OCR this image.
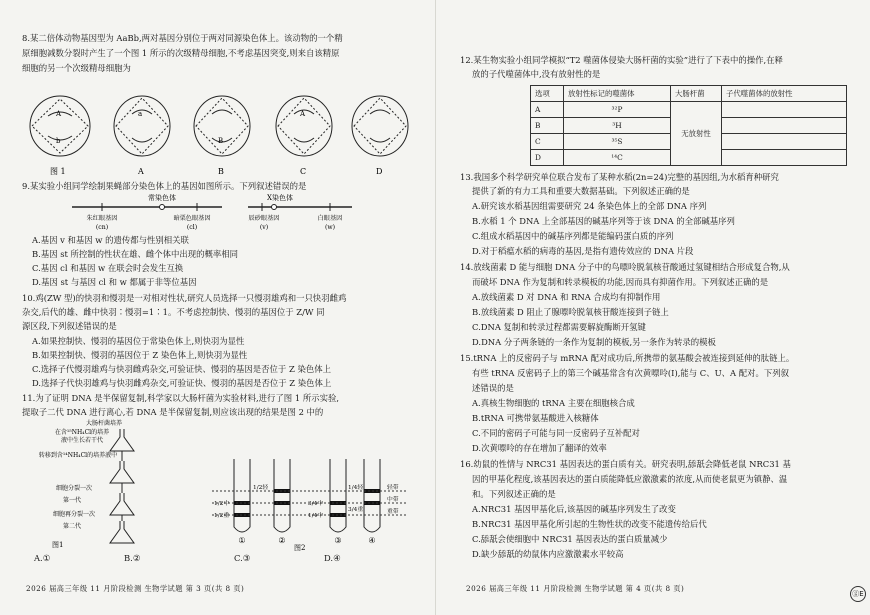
8.某二倍体动物基因型为 AaBb,两对基因分别位于两对同源染色体上。该动物的一个精
原细胞减数分裂时产生了一个图 1 所示的次级精母细胞,不考虑基因突变,则来自该精原
细胞的另一个次级精母细胞为
A
b
a
B
A
图 1	A	B	C	D
9.某实验小组同学绘制果蝇部分染色体上的基因如图所示。下列叙述错误的是
常染色体	X染色体
朱红眼基因
(cn)
暗栗色眼基因
(cl)
辰砂眼基因
(v)
白眼基因
(w)
A.基因 v 和基因 w 的遗传都与性别相关联
B.基因 st 所控制的性状在雄、雌个体中出现的概率相同
C.基因 cl 和基因 w 在联会时会发生互换
D.基因 st 与基因 cl 和 w 都属于非等位基因
10.鸡(ZW 型)的快羽和慢羽是一对相对性状,研究人员选择一只慢羽雄鸡和一只快羽雌鸡
杂交,后代的雄、雌中快羽∶慢羽=1∶1。不考虑控制快、慢羽的基因位于 Z/W 同
源区段,下列叙述错误的是
A.如果控制快、慢羽的基因位于常染色体上,则快羽为显性
B.如果控制快、慢羽的基因位于 Z 染色体上,则快羽为显性
C.选择子代慢羽雄鸡与快羽雌鸡杂交,可验证快、慢羽的基因是否位于 Z 染色体上
D.选择子代快羽雄鸡与快羽雌鸡杂交,可验证快、慢羽的基因是否位于 Z 染色体上
11.为了证明 DNA 是半保留复制,科学家以大肠杆菌为实验材料,进行了图 1 所示实验,
提取子二代 DNA 进行离心,若 DNA 是半保留复制,则应该出现的结果是图 2 中的
大肠杆菌培养
在含¹⁵NH₄Cl的培养
液中生长若干代
转移到含¹⁴NH₄Cl的培养液中
细胞分裂一次
第一代
细胞再分裂一次
第二代
图1
1/2中
1/2重
1/2轻
3/4中
1/4中
1/4轻
3/4重
轻带
中带
重带
①	②	③	④
图2
A.①	B.②	C.③	D.④
2026 届高三年级 11 月阶段检测 生物学试题 第 3 页(共 8 页)
12.某生物实验小组同学模拟“T2 噬菌体侵染大肠杆菌的实验”进行了下表中的操作,在释
放的子代噬菌体中,没有放射性的是
选项	放射性标记的噬菌体	大肠杆菌	子代噬菌体的放射性
A	³²P	无放射性	
B	³H		
C	³⁵S		
D	¹⁴C		
13.我国多个科学研究单位联合发布了某种水稻(2n=24)完整的基因组,为水稻育种研究
提供了新的有力工具和重要大数据基础。下列叙述正确的是
A.研究该水稻基因组需要研究 24 条染色体上的全部 DNA 序列
B.水稻 1 个 DNA 上全部基因的碱基序列等于该 DNA 的全部碱基序列
C.组成水稻基因中的碱基序列都是能编码蛋白质的序列
D.对于稻瘟水稻的病毒的基因,是指有遗传效应的 DNA 片段
14.放线菌素 D 能与细胞 DNA 分子中的鸟嘌呤脱氧核苷酸通过氢键相结合形成复合物,从
而破坏 DNA 作为复制和转录模板的功能,因而具有抑菌作用。下列叙述正确的是
A.放线菌素 D 对 DNA 和 RNA 合成均有抑制作用
B.放线菌素 D 阻止了腺嘌呤脱氧核苷酸连接到子链上
C.DNA 复制和转录过程都需要解旋酶断开氢键
D.DNA 分子两条链的一条作为复制的模板,另一条作为转录的模板
15.tRNA 上的反密码子与 mRNA 配对成功后,所携带的氨基酸会被连接到延伸的肽链上。
有些 tRNA 反密码子上的第三个碱基常含有次黄嘌呤(I),能与 C、U、A 配对。下列叙
述错误的是
A.真核生物细胞的 tRNA 主要在细胞核合成
B.tRNA 可携带氨基酸进入核糖体
C.不同的密码子可能与同一反密码子互补配对
D.次黄嘌呤的存在增加了翻译的效率
16.幼鼠的性情与 NRC31 基因表达的蛋白质有关。研究表明,舔舐会降低老鼠 NRC31 基
因的甲基化程度,该基因表达的蛋白质能降低应激激素的浓度,从而使老鼠更为镇静、温
和。下列叙述正确的是
A.NRC31 基因甲基化后,该基因的碱基序列发生了改变
B.NRC31 基因甲基化所引起的生物性状的改变不能遗传给后代
C.舔舐会使细胞中 NRC31 基因表达的蛋白质量减少
D.缺少舔舐的幼鼠体内应激激素水平较高
2026 届高三年级 11 月阶段检测 生物学试题 第 4 页(共 8 页)
ⓖE
